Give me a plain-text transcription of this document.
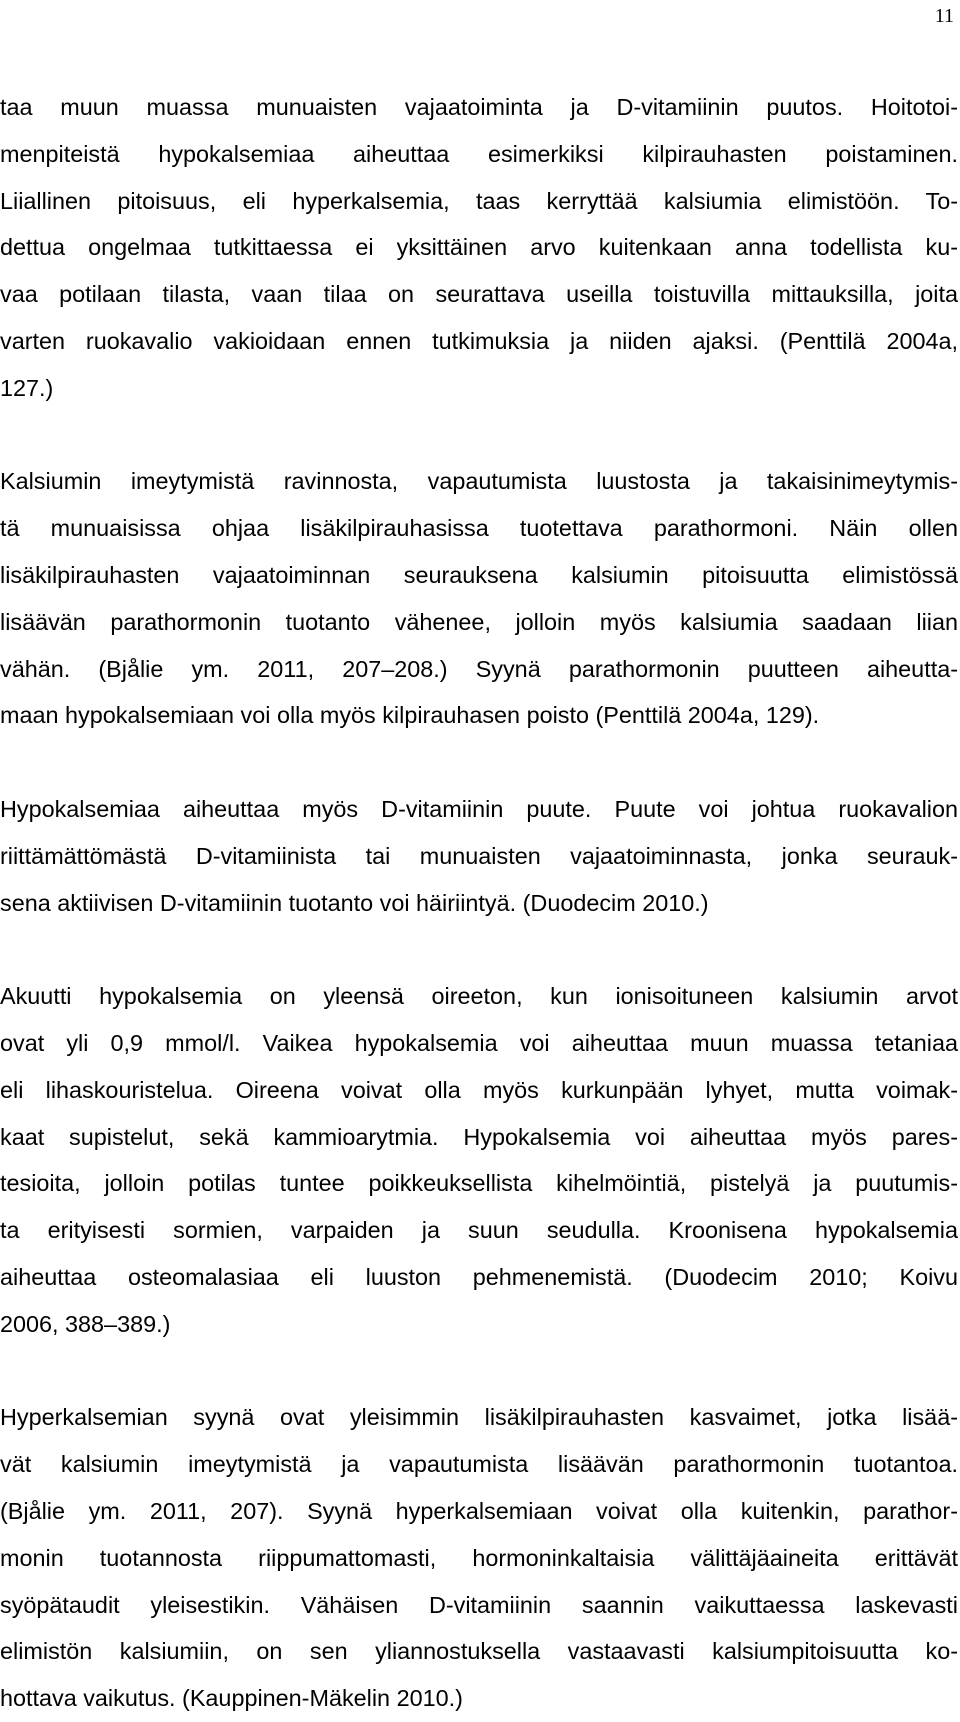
11
taa muun muassa munuaisten vajaatoiminta ja D-vitamiinin puutos. Hoitotoi-
menpiteistä hypokalsemiaa aiheuttaa esimerkiksi kilpirauhasten poistaminen.
Liiallinen pitoisuus, eli hyperkalsemia, taas kerryttää kalsiumia elimistöön. To-
dettua ongelmaa tutkittaessa ei yksittäinen arvo kuitenkaan anna todellista ku-
vaa potilaan tilasta, vaan tilaa on seurattava useilla toistuvilla mittauksilla, joita
varten ruokavalio vakioidaan ennen tutkimuksia ja niiden ajaksi. (Penttilä 2004a,
127.)
Kalsiumin imeytymistä ravinnosta, vapautumista luustosta ja takaisinimeytymis-
tä munuaisissa ohjaa lisäkilpirauhasissa tuotettava parathormoni. Näin ollen
lisäkilpirauhasten vajaatoiminnan seurauksena kalsiumin pitoisuutta elimistössä
lisäävän parathormonin tuotanto vähenee, jolloin myös kalsiumia saadaan liian
vähän. (Bjålie ym. 2011, 207–208.) Syynä parathormonin puutteen aiheutta-
maan hypokalsemiaan voi olla myös kilpirauhasen poisto (Penttilä 2004a, 129).
Hypokalsemiaa aiheuttaa myös D-vitamiinin puute. Puute voi johtua ruokavalion
riittämättömästä D-vitamiinista tai munuaisten vajaatoiminnasta, jonka seurauk-
sena aktiivisen D-vitamiinin tuotanto voi häiriintyä. (Duodecim 2010.)
Akuutti hypokalsemia on yleensä oireeton, kun ionisoituneen kalsiumin arvot
ovat yli 0,9 mmol/l. Vaikea hypokalsemia voi aiheuttaa muun muassa tetaniaa
eli lihaskouristelua. Oireena voivat olla myös kurkunpään lyhyet, mutta voimak-
kaat supistelut, sekä kammioarytmia. Hypokalsemia voi aiheuttaa myös pares-
tesioita, jolloin potilas tuntee poikkeuksellista kihelmöintiä, pistelyä ja puutumis-
ta erityisesti sormien, varpaiden ja suun seudulla. Kroonisena hypokalsemia
aiheuttaa osteomalasiaa eli luuston pehmenemistä. (Duodecim 2010; Koivu
2006, 388–389.)
Hyperkalsemian syynä ovat yleisimmin lisäkilpirauhasten kasvaimet, jotka lisää-
vät kalsiumin imeytymistä ja vapautumista lisäävän parathormonin tuotantoa.
(Bjålie ym. 2011, 207). Syynä hyperkalsemiaan voivat olla kuitenkin, parathor-
monin tuotannosta riippumattomasti, hormoninkaltaisia välittäjäaineita erittävät
syöpätaudit yleisestikin. Vähäisen D-vitamiinin saannin vaikuttaessa laskevasti
elimistön kalsiumiin, on sen yliannostuksella vastaavasti kalsiumpitoisuutta ko-
hottava vaikutus. (Kauppinen-Mäkelin 2010.)
